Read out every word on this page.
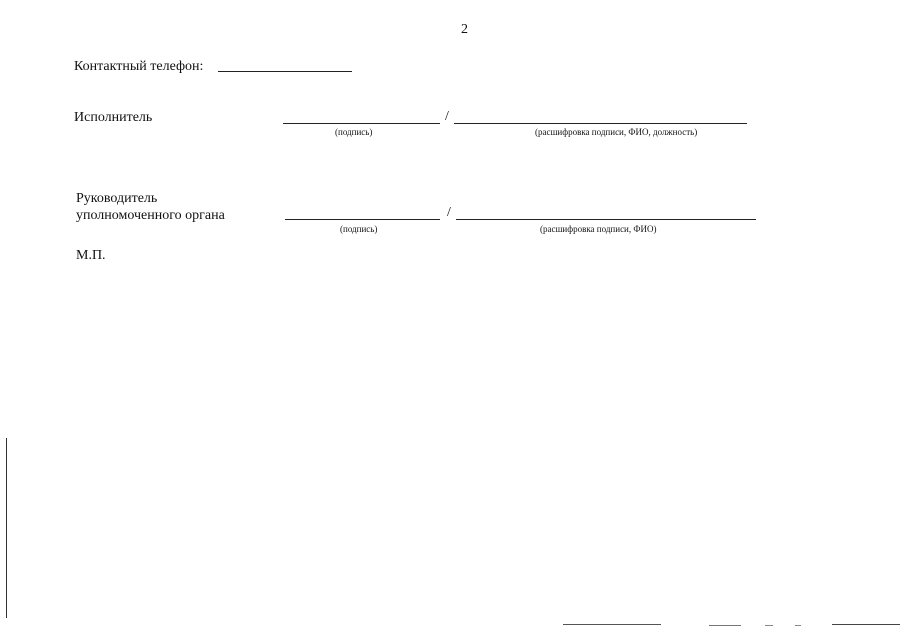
2
Контактный телефон:
Исполнитель	/
(подпись)	(расшифровка подписи, ФИО, должность)
Руководитель
уполномоченного органа	/
(подпись)	(расшифровка подписи, ФИО)
М.П.
